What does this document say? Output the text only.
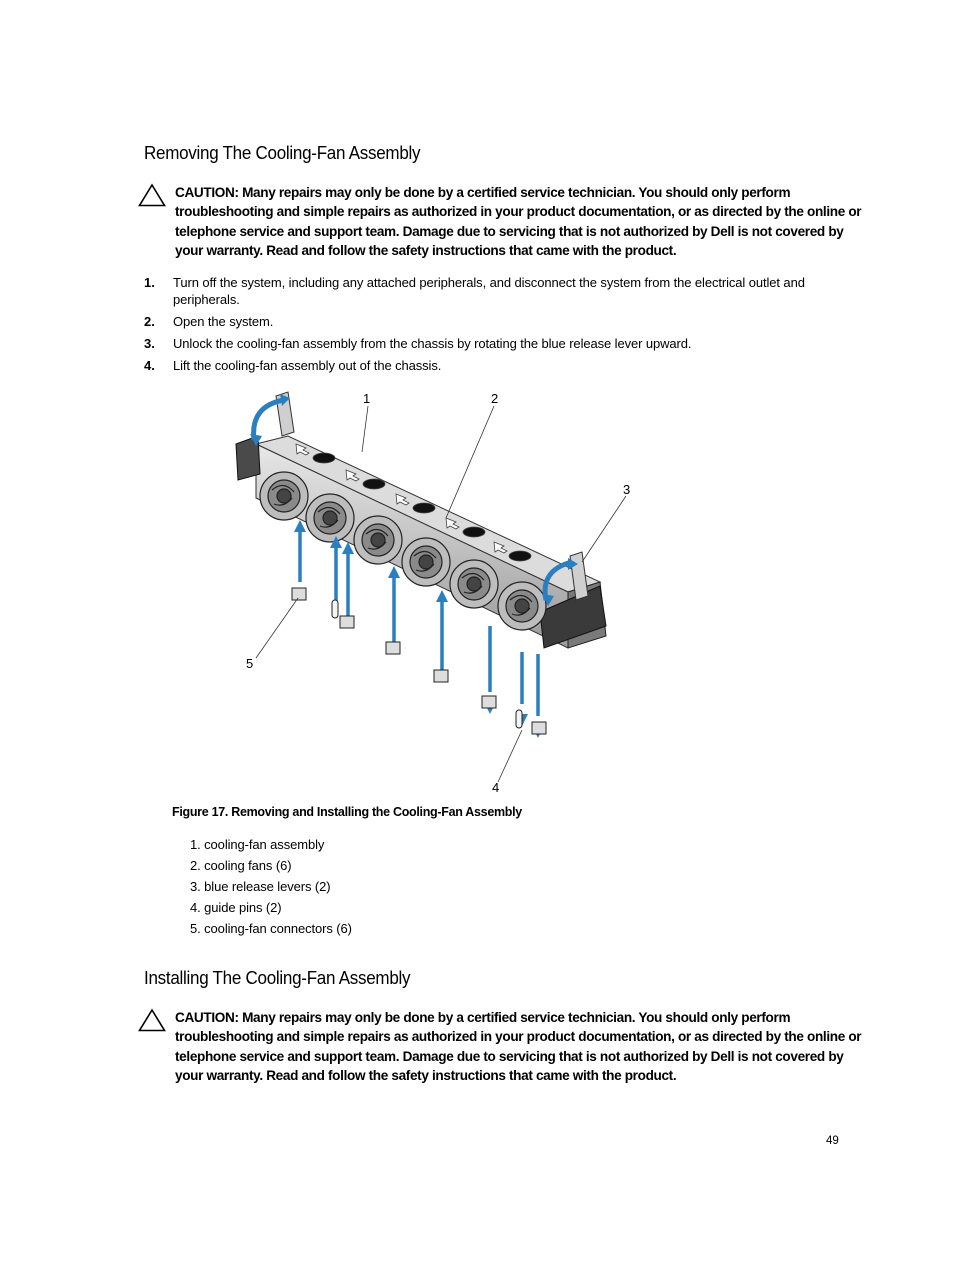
Removing The Cooling-Fan Assembly
CAUTION: Many repairs may only be done by a certified service technician. You should only perform troubleshooting and simple repairs as authorized in your product documentation, or as directed by the online or telephone service and support team. Damage due to servicing that is not authorized by Dell is not covered by your warranty. Read and follow the safety instructions that came with the product.
1. Turn off the system, including any attached peripherals, and disconnect the system from the electrical outlet and peripherals.
2. Open the system.
3. Unlock the cooling-fan assembly from the chassis by rotating the blue release lever upward.
4. Lift the cooling-fan assembly out of the chassis.
1	2
3
4
5
Figure 17. Removing and Installing the Cooling-Fan Assembly
1. cooling-fan assembly
2. cooling fans (6)
3. blue release levers (2)
4. guide pins (2)
5. cooling-fan connectors (6)
Installing The Cooling-Fan Assembly
CAUTION: Many repairs may only be done by a certified service technician. You should only perform troubleshooting and simple repairs as authorized in your product documentation, or as directed by the online or telephone service and support team. Damage due to servicing that is not authorized by Dell is not covered by your warranty. Read and follow the safety instructions that came with the product.
49
